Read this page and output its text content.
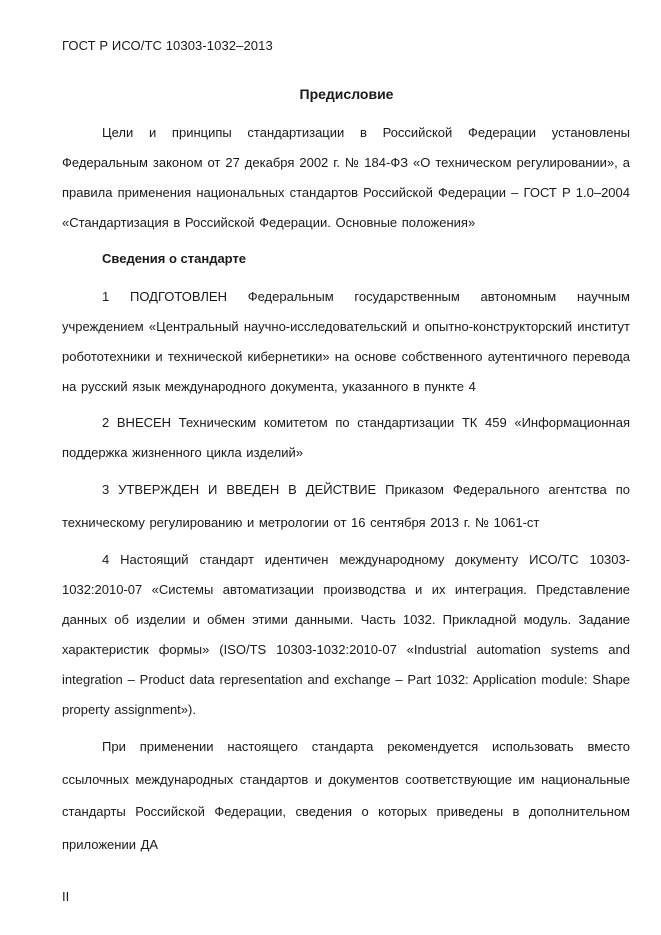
ГОСТ Р ИСО/ТС 10303-1032–2013
Предисловие

Цели и принципы стандартизации в Российской Федерации установлены Федеральным законом от 27 декабря 2002 г. № 184-ФЗ «О техническом регулировании», а правила применения национальных стандартов Российской Федерации – ГОСТ Р 1.0–2004 «Стандартизация в Российской Федерации. Основные положения»

Сведения о стандарте

1 ПОДГОТОВЛЕН Федеральным государственным автономным научным учреждением «Центральный научно-исследовательский и опытно-конструкторский институт робототехники и технической кибернетики» на основе собственного аутентичного перевода на русский язык международного документа, указанного в пункте 4

2 ВНЕСЕН Техническим комитетом по стандартизации ТК 459 «Информационная поддержка жизненного цикла изделий»

3 УТВЕРЖДЕН И ВВЕДЕН В ДЕЙСТВИЕ Приказом Федерального агентства по техническому регулированию и метрологии от 16 сентября 2013 г. № 1061-ст

4 Настоящий стандарт идентичен международному документу ИСО/ТС 10303-1032:2010-07 «Системы автоматизации производства и их интеграция. Представление данных об изделии и обмен этими данными. Часть 1032. Прикладной модуль. Задание характеристик формы» (ISO/TS 10303-1032:2010-07 «Industrial automation systems and integration – Product data representation and exchange – Part 1032: Application module: Shape property assignment»).

При применении настоящего стандарта рекомендуется использовать вместо ссылочных международных стандартов и документов соответствующие им национальные стандарты Российской Федерации, сведения о которых приведены в дополнительном приложении ДА

II
